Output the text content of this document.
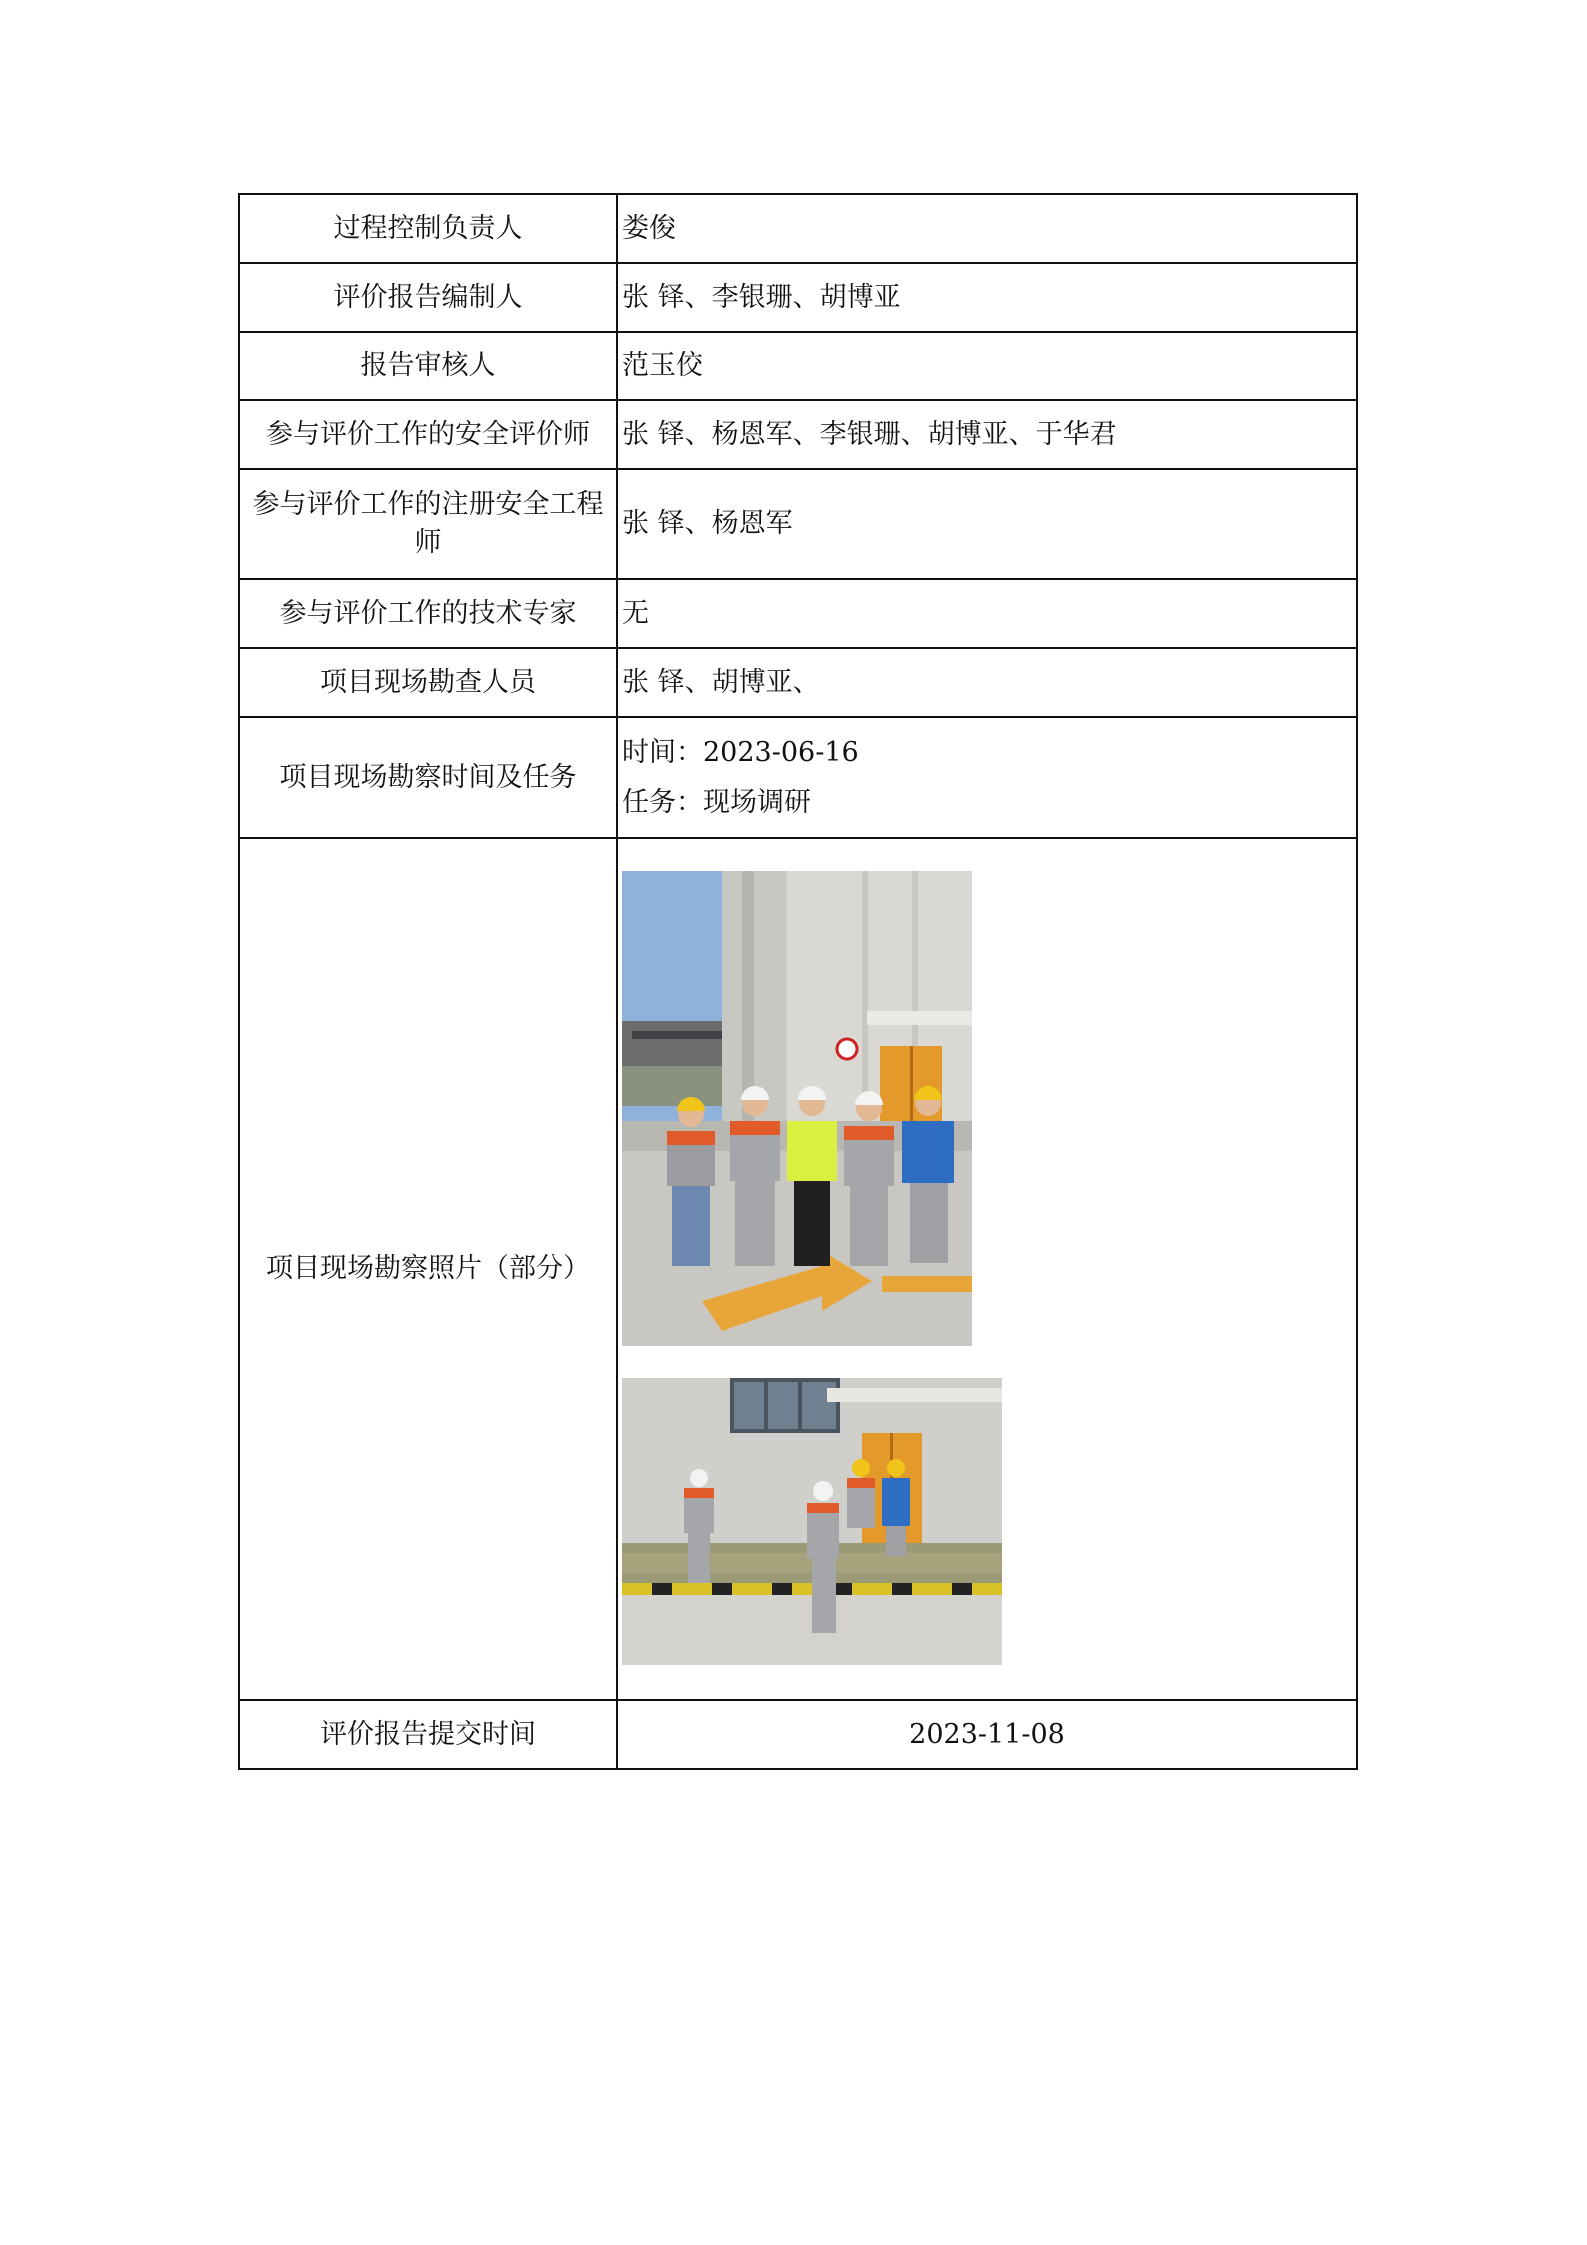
过程控制负责人	娄俊
评价报告编制人	张 铎、李银珊、胡博亚
报告审核人	范玉佼
参与评价工作的安全评价师	张 铎、杨恩军、李银珊、胡博亚、于华君
参与评价工作的注册安全工程师	张 铎、杨恩军
参与评价工作的技术专家	无
项目现场勘查人员	张 铎、胡博亚、
项目现场勘察时间及任务	时间：2023-06-16
任务：现场调研

项目现场勘察照片（部分）	

评价报告提交时间	2023-11-08
